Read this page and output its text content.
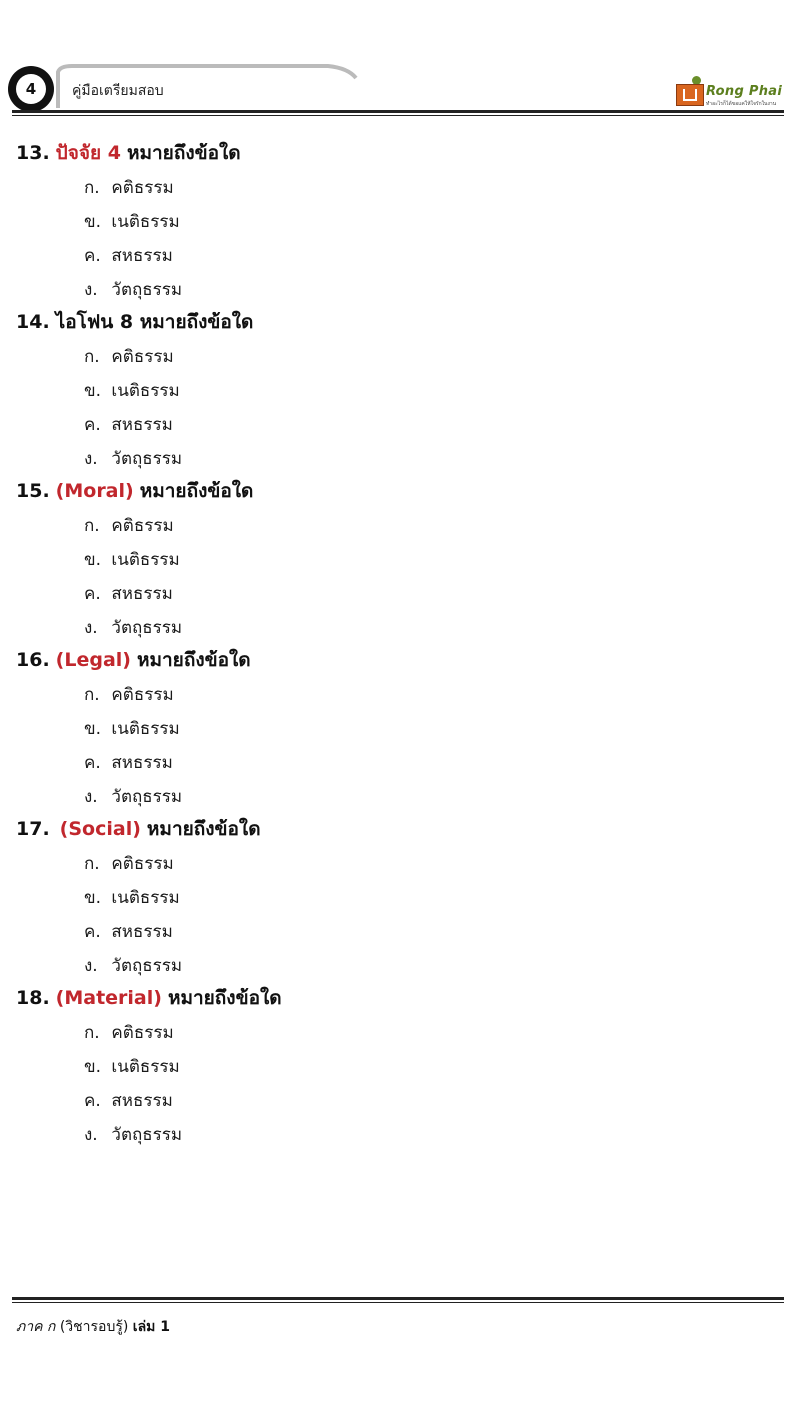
4	คู่มือเตรียมสอบ	Rong Phai
ทำอะไรก็ได้ขอแค่ให้ใจรักในงาน
13. ปัจจัย 4 หมายถึงข้อใด
ก. คติธรรม
ข. เนติธรรม
ค. สหธรรม
ง. วัตถุธรรม
14. ไอโฟน 8 หมายถึงข้อใด
ก. คติธรรม
ข. เนติธรรม
ค. สหธรรม
ง. วัตถุธรรม
15. (Moral) หมายถึงข้อใด
ก. คติธรรม
ข. เนติธรรม
ค. สหธรรม
ง. วัตถุธรรม
16. (Legal) หมายถึงข้อใด
ก. คติธรรม
ข. เนติธรรม
ค. สหธรรม
ง. วัตถุธรรม
17. (Social) หมายถึงข้อใด
ก. คติธรรม
ข. เนติธรรม
ค. สหธรรม
ง. วัตถุธรรม
18. (Material) หมายถึงข้อใด
ก. คติธรรม
ข. เนติธรรม
ค. สหธรรม
ง. วัตถุธรรม
ภาค ก (วิชารอบรู้) เล่ม 1
